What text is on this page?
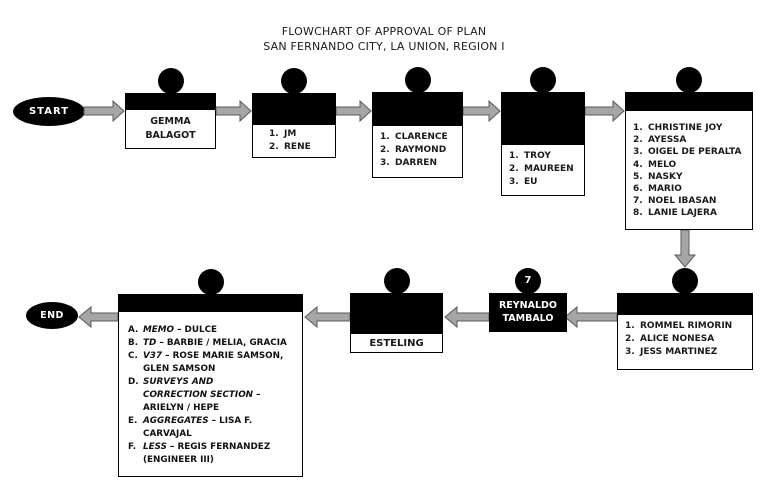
FLOWCHART OF APPROVAL OF PLAN
SAN FERNANDO CITY, LA UNION, REGION I
START
END
GEMMA
BALAGOT	1. JM
2. RENE
1. CLARENCE
2. RAYMOND
3. DARREN
1. TROY
2. MAUREEN
3. EU
1. CHRISTINE JOY
2. AYESSA
3. OIGEL DE PERALTA
4. MELO
5. NASKY
6. MARIO
7. NOEL IBASAN
8. LANIE LAJERA
1. ROMMEL RIMORIN
2. ALICE NONESA
3. JESS MARTINEZ
7
REYNALDO
TAMBALO
ESTELING
A. MEMO – DULCE
B. TD – BARBIE / MELIA, GRACIA
C. V37 – ROSE MARIE SAMSON,
GLEN SAMSON
D. SURVEYS AND
CORRECTION SECTION –
ARIELYN / HEPE
E. AGGREGATES – LISA F.
CARVAJAL
F. LESS – REGIS FERNANDEZ
(ENGINEER III)
